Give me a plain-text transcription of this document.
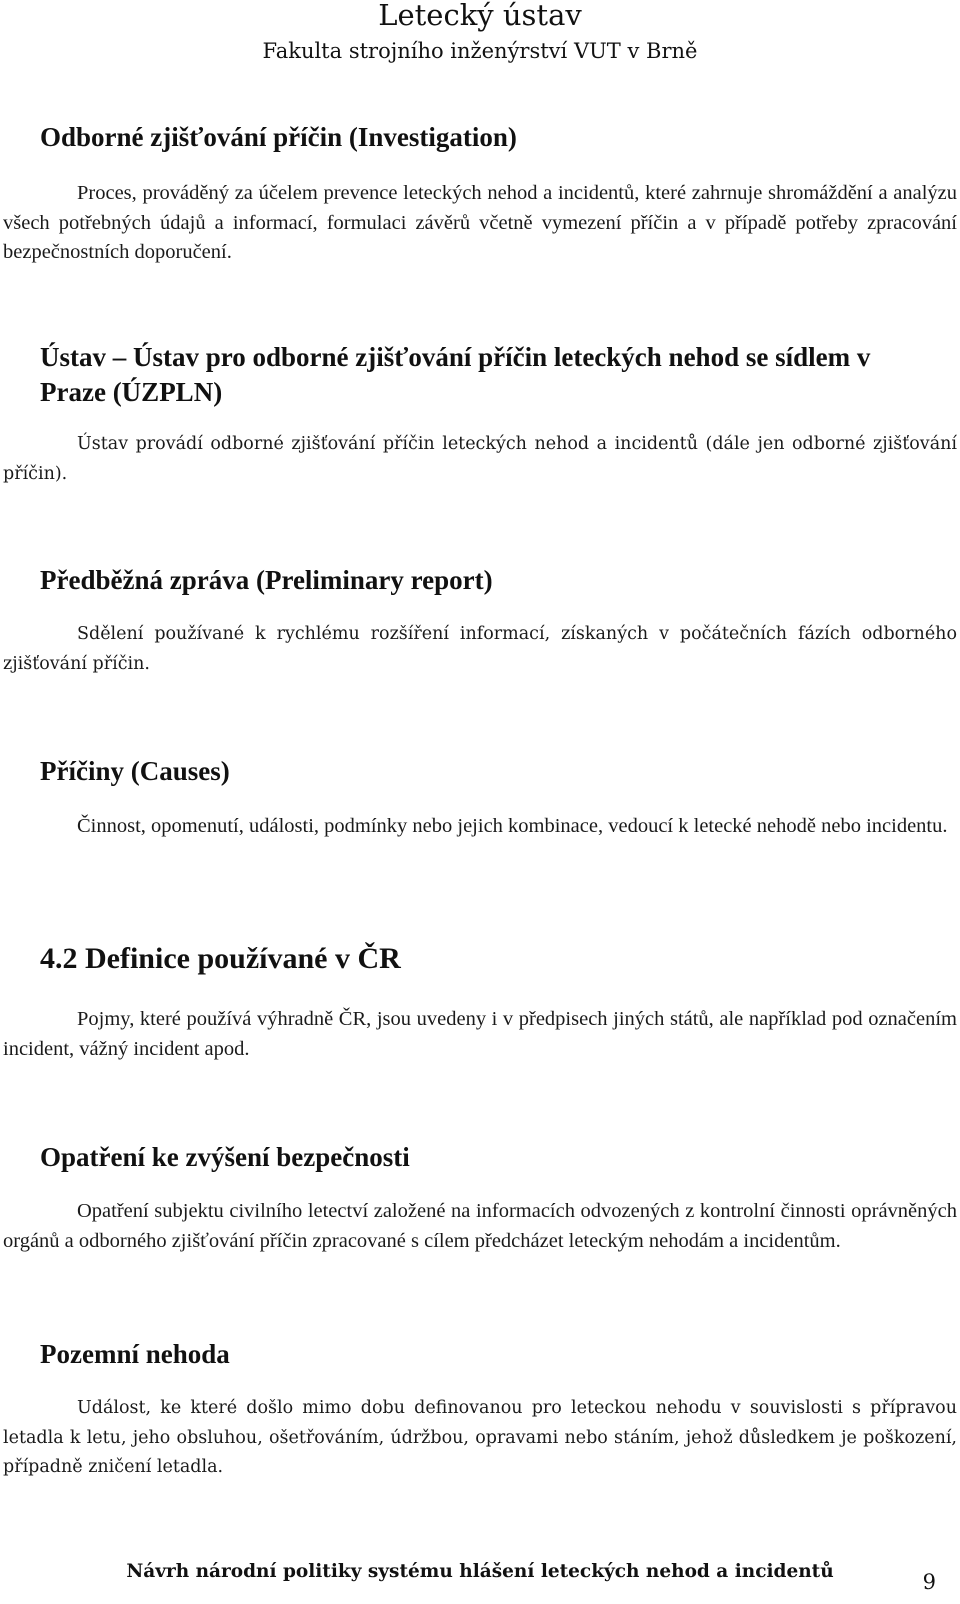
Letecký ústav
Fakulta strojního inženýrství VUT v Brně
Odborné zjišťování příčin (Investigation)
Proces, prováděný za účelem prevence leteckých nehod a incidentů, které zahrnuje shromáždění a analýzu všech potřebných údajů a informací, formulaci závěrů včetně vymezení příčin a v případě potřeby zpracování bezpečnostních doporučení.
Ústav – Ústav pro odborné zjišťování příčin leteckých nehod se sídlem v Praze (ÚZPLN)
Ústav provádí odborné zjišťování příčin leteckých nehod a incidentů (dále jen odborné zjišťování příčin).
Předběžná zpráva (Preliminary report)
Sdělení používané k rychlému rozšíření informací, získaných v počátečních fázích odborného zjišťování příčin.
Příčiny (Causes)
Činnost, opomenutí, události, podmínky nebo jejich kombinace, vedoucí k letecké nehodě nebo incidentu.
4.2 Definice používané v ČR
Pojmy, které používá výhradně ČR, jsou uvedeny i v předpisech jiných států, ale například pod označením incident, vážný incident apod.
Opatření ke zvýšení bezpečnosti
Opatření subjektu civilního letectví založené na informacích odvozených z kontrolní činnosti oprávněných orgánů a odborného zjišťování příčin zpracované s cílem předcházet leteckým nehodám a incidentům.
Pozemní nehoda
Událost, ke které došlo mimo dobu definovanou pro leteckou nehodu v souvislosti s přípravou letadla k letu, jeho obsluhou, ošetřováním, údržbou, opravami nebo stáním, jehož důsledkem je poškození, případně zničení letadla.
Návrh národní politiky systému hlášení leteckých nehod a incidentů	9
